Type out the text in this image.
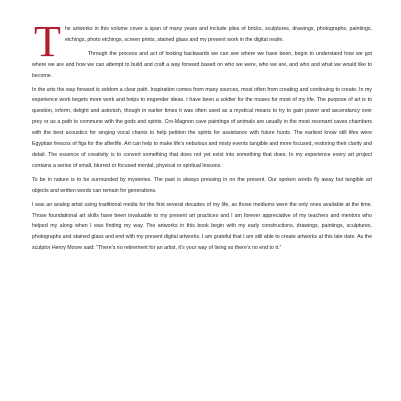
The artworks in this volume cover a span of many years and include piles of bricks, sculptures, drawings, photographs, paintings, etchings, photo etchings, screen prints, stained glass and my present work in the digital realm.

Through the process and act of looking backwards we can see where we have been, begin to understand how we got where we are and how we can attempt to build and craft a way forward based on who we were, who we are, and who and what we would like to become.

In the arts the way forward is seldom a clear path. Inspiration comes from many sources, most often from creating and continuing to create. In my experience work begets more work and helps to engender ideas. I have been a soldier for the muses for most of my life. The purpose of art is to question, inform, delight and astonish, though in earlier times it was often used as a mystical means to try to gain power and ascendancy over prey or as a path to commune with the gods and spirits. Cro-Magnon cave paintings of animals are usually in the most resonant caves chambers with the best acoustics for singing vocal chants to help petition the spirits for assistance with future hunts. The earliest know still lifes were Egyptian frescos of figs for the afterlife. Art can help to make life’s nebulous and misty events tangible and more focused, restoring their clarity and detail. The essence of creativity is to convert something that does not yet exist into something that does. In my experience every art project contains a series of small, blurred or focused mental, physical or spiritual lessons.

To be in nature is to be surrounded by mysteries. The past is always pressing in on the present. Our spoken words fly away but tangible art objects and written words can remain for generations.

I was an analog artist using traditional media for the first several decades of my life, as those mediums were the only ones available at the time. Those foundational art skills have been invaluable to my present art practices and I am forever appreciative of my teachers and mentors who helped my along when I was finding my way. The artworks in this book begin with my early constructions, drawings, paintings, sculptures, photographs and stained glass and end with my present digital artworks. I am grateful that I am still able to create artworks at this late date. As the sculptor Henry Moore said: “There’s no retirement for an artist, it’s your way of living so there’s no end to it.”
